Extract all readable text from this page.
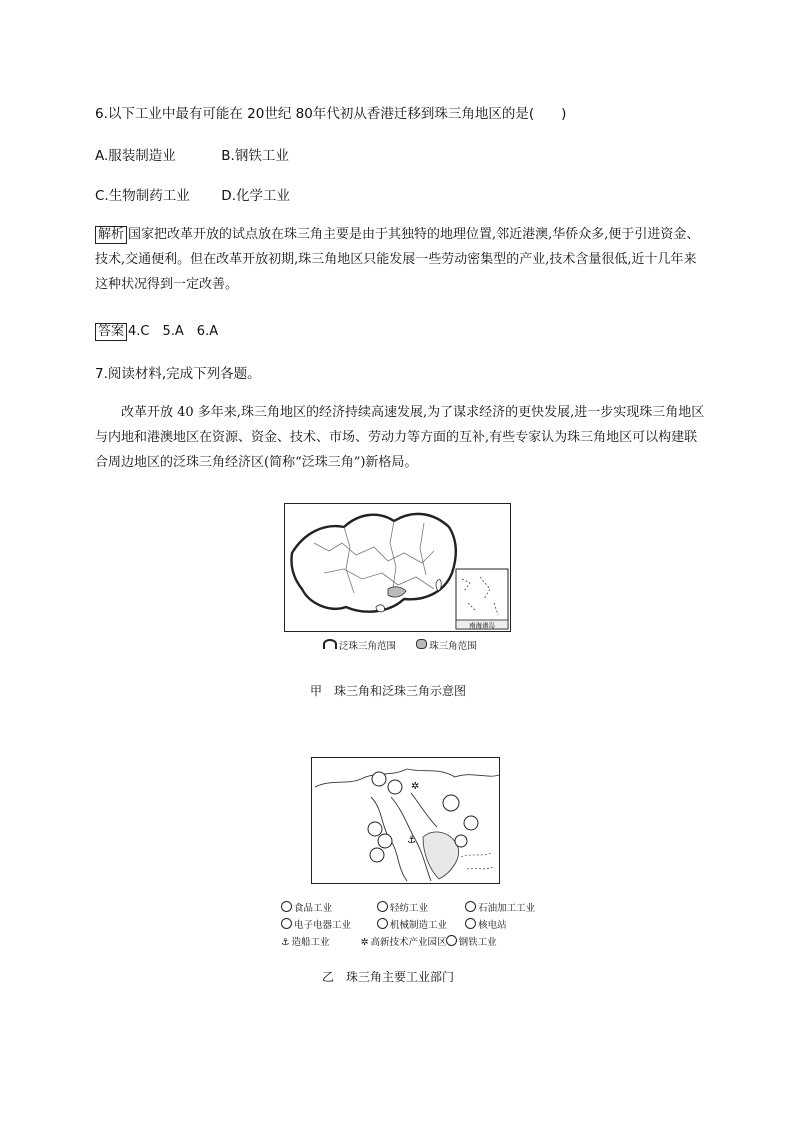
6.以下工业中最有可能在 20世纪 80年代初从香港迁移到珠三角地区的是(　　)
A.服装制造业	B.钢铁工业
C.生物制药工业 D.化学工业
解析 国家把改革开放的试点放在珠三角主要是由于其独特的地理位置,邻近港澳,华侨众多,便于引进资金、技术,交通便利。但在改革开放初期,珠三角地区只能发展一些劳动密集型的产业,技术含量很低,近十几年来这种状况得到一定改善。
答案 4.C　5.A　6.A
7.阅读材料,完成下列各题。
改革开放 40 多年来,珠三角地区的经济持续高速发展,为了谋求经济的更快发展,进一步实现珠三角地区与内地和港澳地区在资源、资金、技术、市场、劳动力等方面的互补,有些专家认为珠三角地区可以构建联合周边地区的泛珠三角经济区(简称“泛珠三角”)新格局。
南海诸岛
泛珠三角范围	珠三角范围
甲　珠三角和泛珠三角示意图
✲
⚓
食品工业	轻纺工业	石油加工工业
电子电器工业	机械制造工业	核电站
⚓ 造船工业	✲ 高新技术产业园区 钢铁工业
乙　珠三角主要工业部门
